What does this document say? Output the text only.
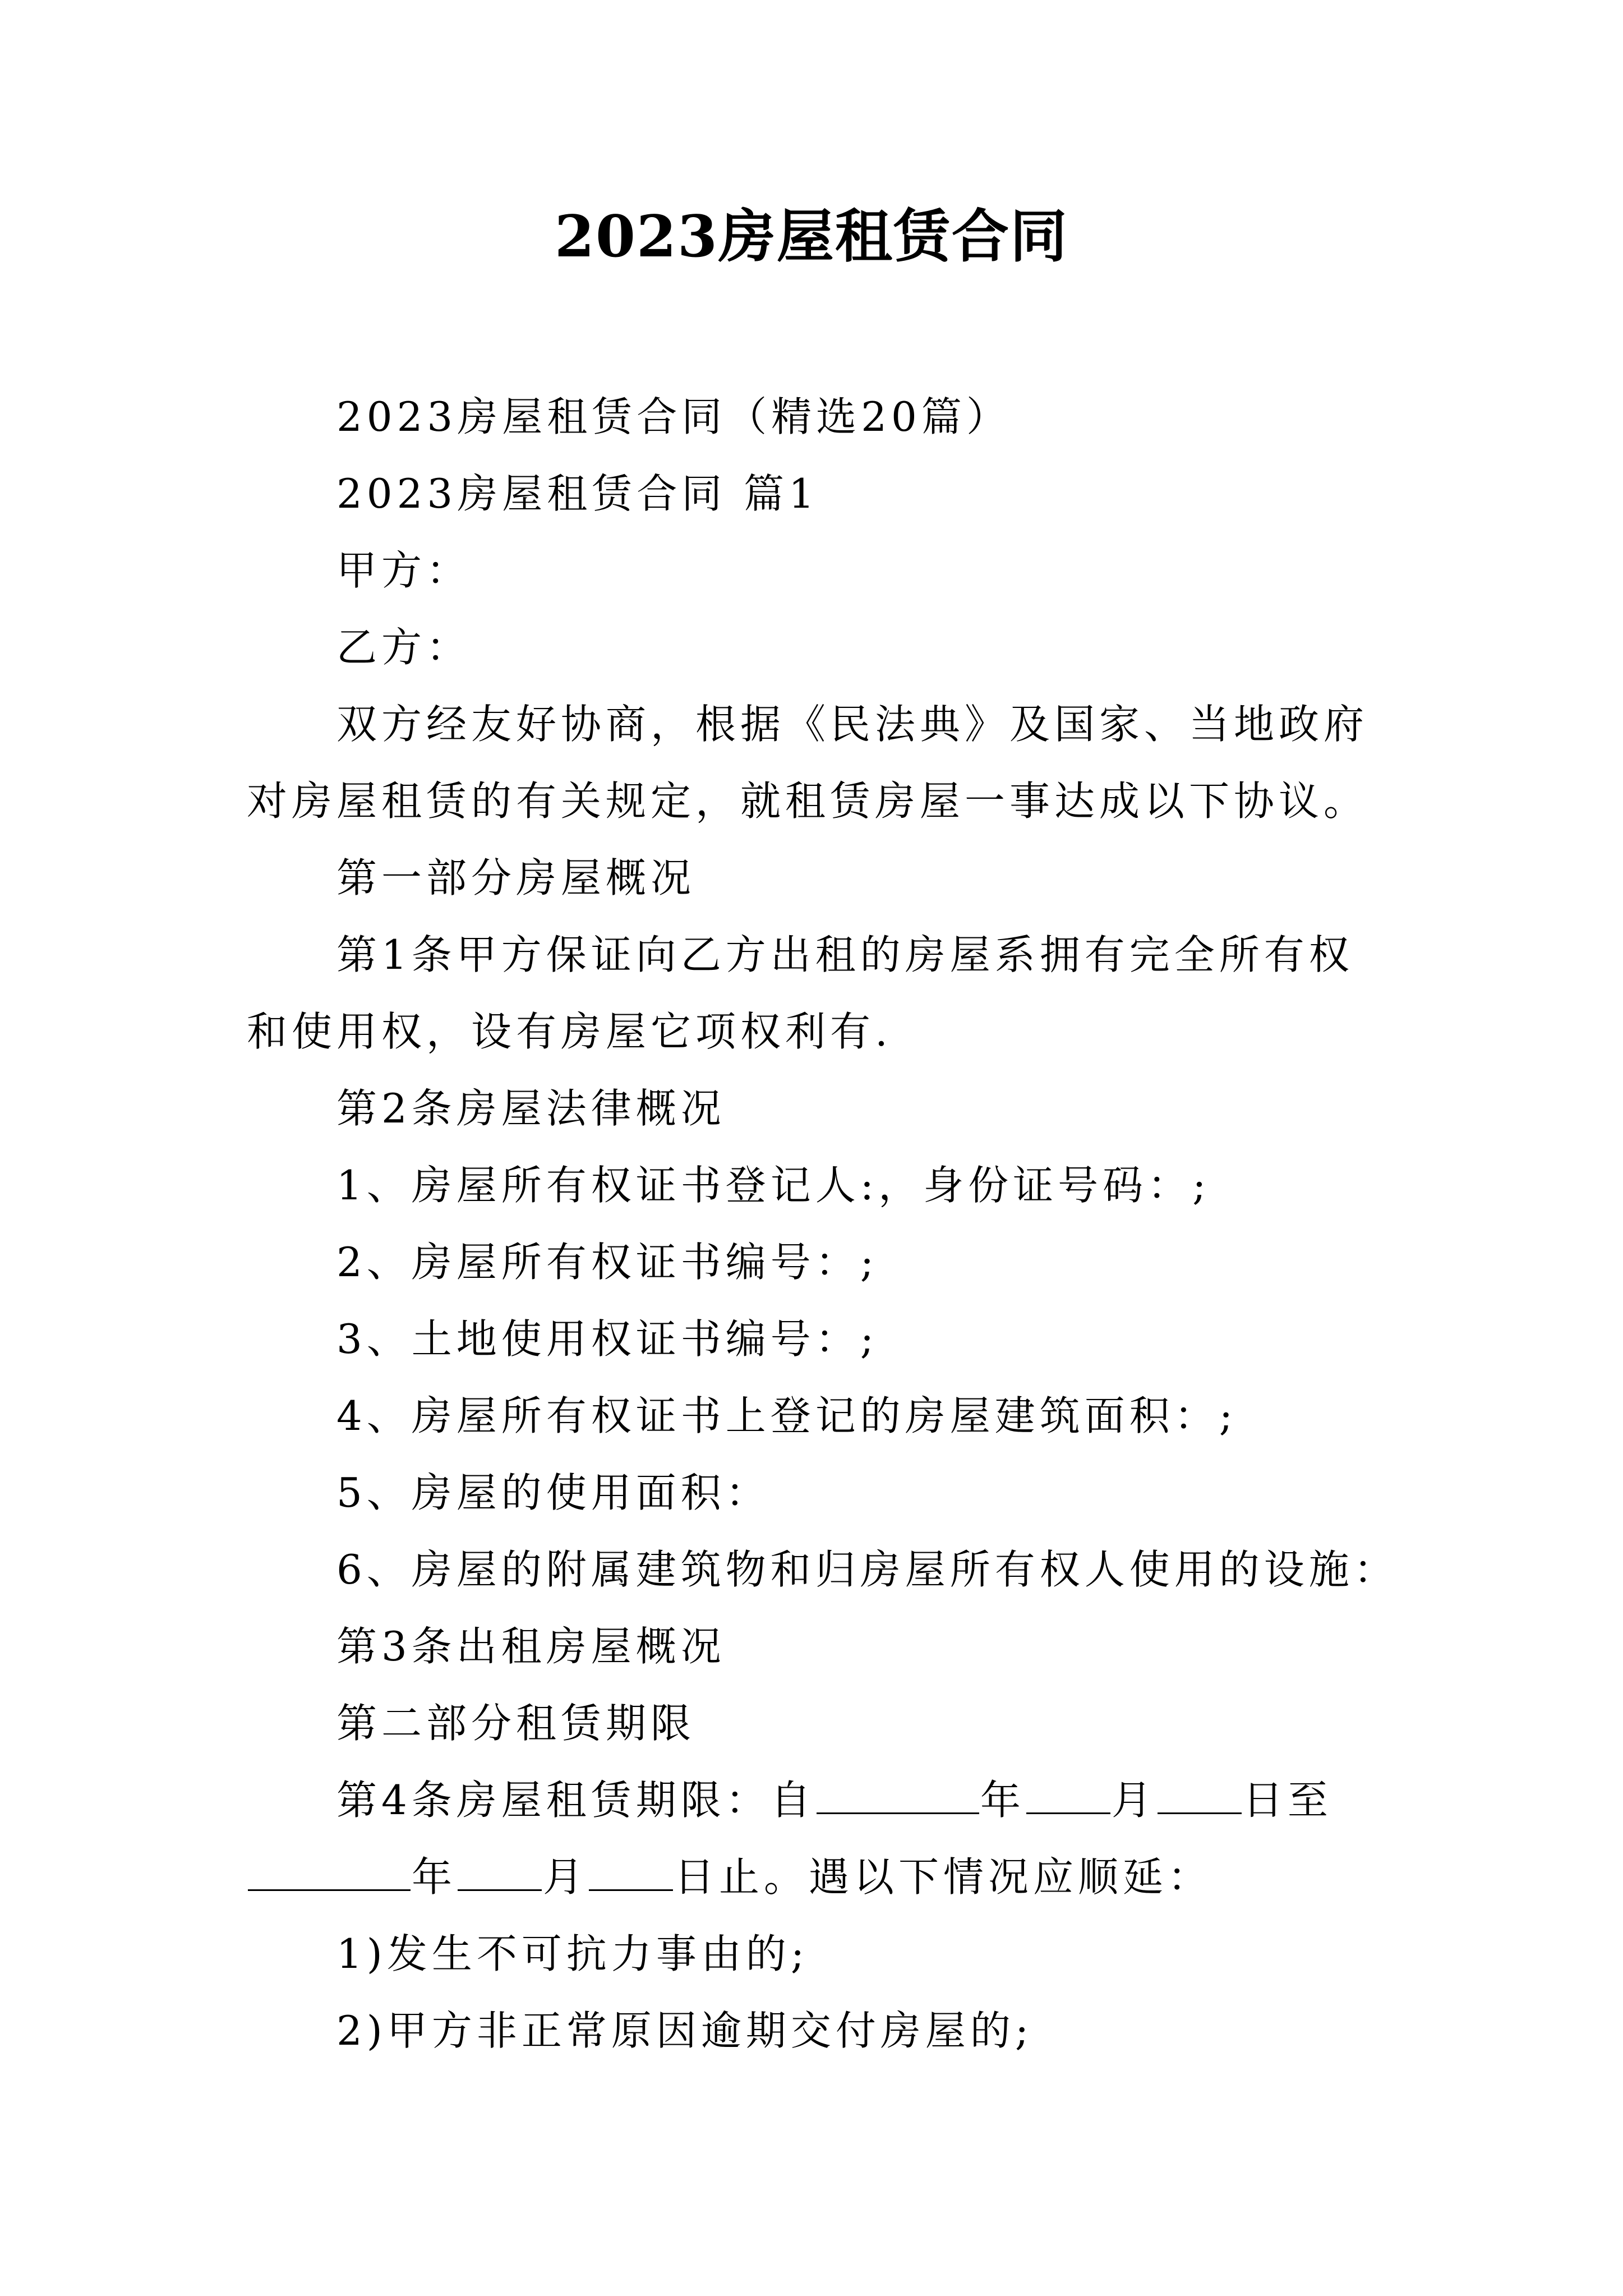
2023房屋租赁合同

2023房屋租赁合同（精选20篇）

2023房屋租赁合同 篇1

甲方：

乙方：

双方经友好协商，根据《民法典》及国家、当地政府对房屋租赁的有关规定，就租赁房屋一事达成以下协议。

第一部分房屋概况

第1条甲方保证向乙方出租的房屋系拥有完全所有权和使用权，设有房屋它项权利有.

第2条房屋法律概况

1、房屋所有权证书登记人:，身份证号码：;

2、房屋所有权证书编号：;

3、土地使用权证书编号：;

4、房屋所有权证书上登记的房屋建筑面积：;

5、房屋的使用面积：

6、房屋的附属建筑物和归房屋所有权人使用的设施：

第3条出租房屋概况

第二部分租赁期限

第4条房屋租赁期限：自	年 月 日至年 月 日止。遇以下情况应顺延：

1)发生不可抗力事由的;

2)甲方非正常原因逾期交付房屋的;
